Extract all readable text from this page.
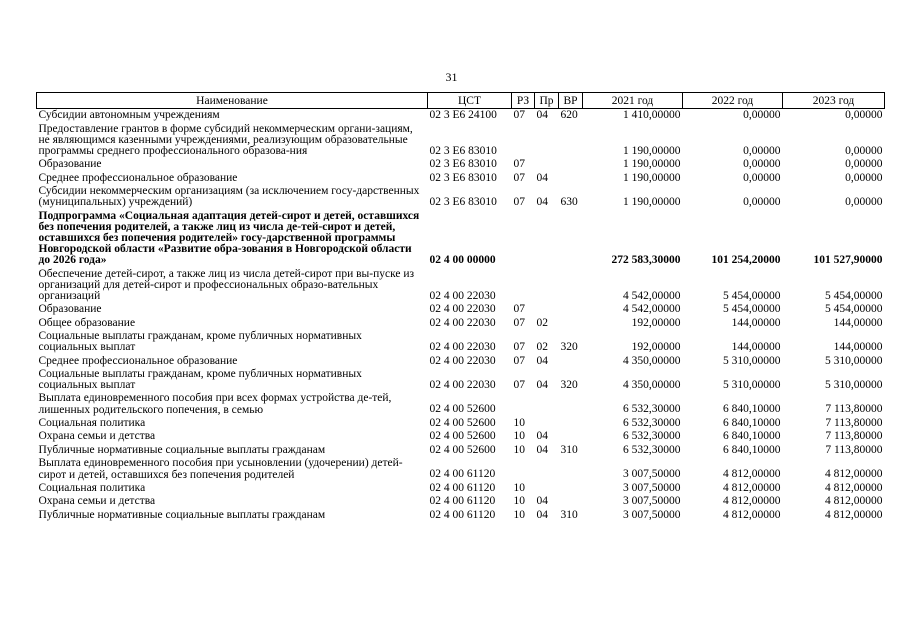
31
Наименование	ЦСТ	РЗ	Пр	ВР	2021 год	2022 год	2023 год
Субсидии автономным учреждениям	02 3 Е6 24100	07	04	620	1 410,00000	0,00000	0,00000
Предоставление грантов в форме субсидий некоммерческим органи-зациям, не являющимся казенными учреждениями, реализующим образовательные программы среднего профессионального образова-ния	02 3 Е6 83010				1 190,00000	0,00000	0,00000
Образование	02 3 Е6 83010	07			1 190,00000	0,00000	0,00000
Среднее профессиональное образование	02 3 Е6 83010	07	04		1 190,00000	0,00000	0,00000
Субсидии некоммерческим организациям (за исключением госу-дарственных (муниципальных) учреждений)	02 3 Е6 83010	07	04	630	1 190,00000	0,00000	0,00000
Подпрограмма «Социальная адаптация детей-сирот и детей, оставшихся без попечения родителей, а также лиц из числа де-тей-сирот и детей, оставшихся без попечения родителей» госу-дарственной программы Новгородской области «Развитие обра-зования в Новгородской области до 2026 года»	02 4 00 00000				272 583,30000	101 254,20000	101 527,90000
Обеспечение детей-сирот, а также лиц из числа детей-сирот при вы-пуске из организаций для детей-сирот и профессиональных образо-вательных организаций	02 4 00 22030				4 542,00000	5 454,00000	5 454,00000
Образование	02 4 00 22030	07			4 542,00000	5 454,00000	5 454,00000
Общее образование	02 4 00 22030	07	02		192,00000	144,00000	144,00000
Социальные выплаты гражданам, кроме публичных нормативных социальных выплат	02 4 00 22030	07	02	320	192,00000	144,00000	144,00000
Среднее профессиональное образование	02 4 00 22030	07	04		4 350,00000	5 310,00000	5 310,00000
Социальные выплаты гражданам, кроме публичных нормативных социальных выплат	02 4 00 22030	07	04	320	4 350,00000	5 310,00000	5 310,00000
Выплата единовременного пособия при всех формах устройства де-тей, лишенных родительского попечения, в семью	02 4 00 52600				6 532,30000	6 840,10000	7 113,80000
Социальная политика	02 4 00 52600	10			6 532,30000	6 840,10000	7 113,80000
Охрана семьи и детства	02 4 00 52600	10	04		6 532,30000	6 840,10000	7 113,80000
Публичные нормативные социальные выплаты гражданам	02 4 00 52600	10	04	310	6 532,30000	6 840,10000	7 113,80000
Выплата единовременного пособия при усыновлении (удочерении) детей-сирот и детей, оставшихся без попечения родителей	02 4 00 61120				3 007,50000	4 812,00000	4 812,00000
Социальная политика	02 4 00 61120	10			3 007,50000	4 812,00000	4 812,00000
Охрана семьи и детства	02 4 00 61120	10	04		3 007,50000	4 812,00000	4 812,00000
Публичные нормативные социальные выплаты гражданам	02 4 00 61120	10	04	310	3 007,50000	4 812,00000	4 812,00000
